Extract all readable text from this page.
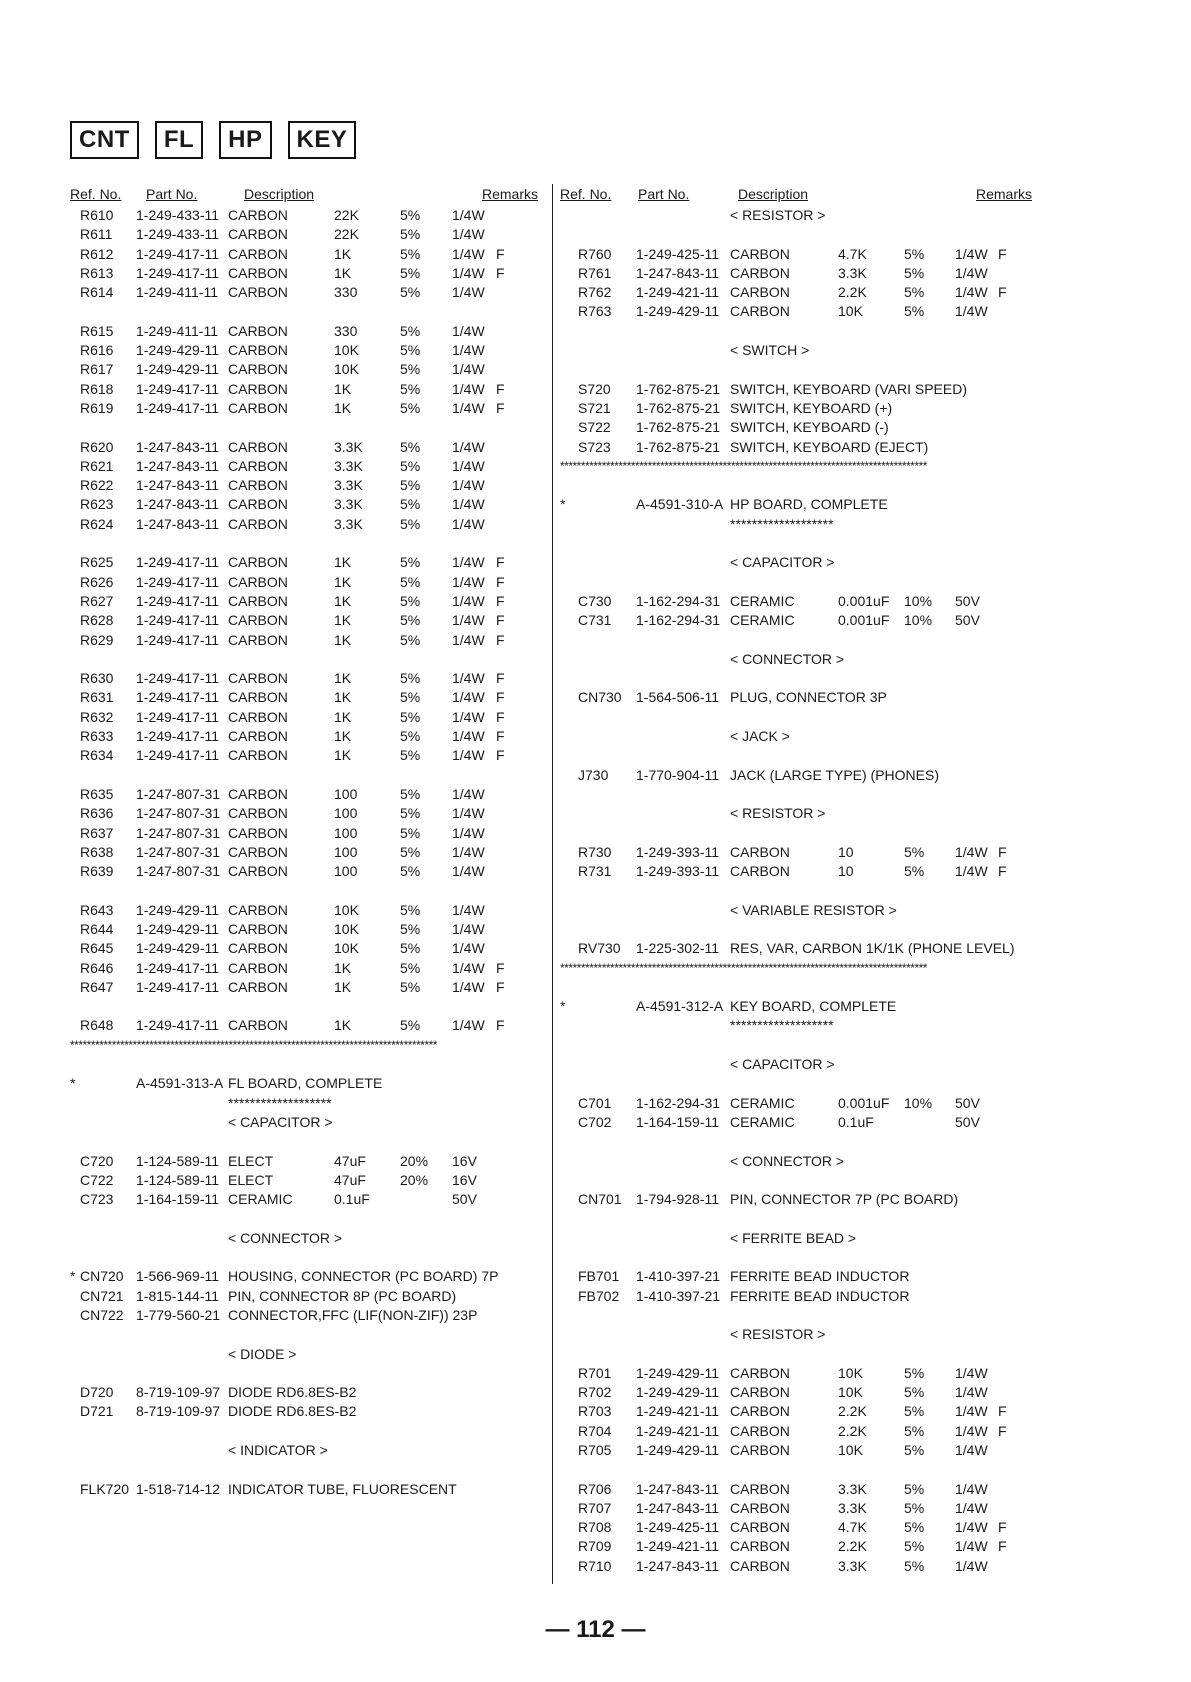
CNT	FL	HP	KEY
Ref. No. Part No.	Description	Remarks
R610 1-249-433-11 CARBON	22K	5% 1/4W
R611 1-249-433-11 CARBON	22K	5% 1/4W
R612 1-249-417-11 CARBON	1K	5% 1/4W F
R613 1-249-417-11 CARBON	1K	5% 1/4W F
R614 1-249-411-11 CARBON	330	5% 1/4W
R615 1-249-411-11 CARBON	330	5% 1/4W
R616 1-249-429-11 CARBON	10K	5% 1/4W
R617 1-249-429-11 CARBON	10K	5% 1/4W
R618 1-249-417-11 CARBON	1K	5% 1/4W F
R619 1-249-417-11 CARBON	1K	5% 1/4W F
R620 1-247-843-11 CARBON	3.3K	5% 1/4W
R621 1-247-843-11 CARBON	3.3K	5% 1/4W
R622 1-247-843-11 CARBON	3.3K	5% 1/4W
R623 1-247-843-11 CARBON	3.3K	5% 1/4W
R624 1-247-843-11 CARBON	3.3K	5% 1/4W
R625 1-249-417-11 CARBON	1K	5% 1/4W F
R626 1-249-417-11 CARBON	1K	5% 1/4W F
R627 1-249-417-11 CARBON	1K	5% 1/4W F
R628 1-249-417-11 CARBON	1K	5% 1/4W F
R629 1-249-417-11 CARBON	1K	5% 1/4W F
R630 1-249-417-11 CARBON	1K	5% 1/4W F
R631 1-249-417-11 CARBON	1K	5% 1/4W F
R632 1-249-417-11 CARBON	1K	5% 1/4W F
R633 1-249-417-11 CARBON	1K	5% 1/4W F
R634 1-249-417-11 CARBON	1K	5% 1/4W F
R635 1-247-807-31 CARBON	100	5% 1/4W
R636 1-247-807-31 CARBON	100	5% 1/4W
R637 1-247-807-31 CARBON	100	5% 1/4W
R638 1-247-807-31 CARBON	100	5% 1/4W
R639 1-247-807-31 CARBON	100	5% 1/4W
R643 1-249-429-11 CARBON	10K	5% 1/4W
R644 1-249-429-11 CARBON	10K	5% 1/4W
R645 1-249-429-11 CARBON	10K	5% 1/4W
R646 1-249-417-11 CARBON	1K	5% 1/4W F
R647 1-249-417-11 CARBON	1K	5% 1/4W F
R648 1-249-417-11 CARBON	1K	5% 1/4W F
****************************************************************************************
*	A-4591-313-A FL BOARD, COMPLETE
*******************
< CAPACITOR >
C720 1-124-589-11 ELECT	47uF 20% 16V
C722 1-124-589-11 ELECT	47uF 20% 16V
C723 1-164-159-11 CERAMIC	0.1uF	50V
< CONNECTOR >
* CN720 1-566-969-11 HOUSING, CONNECTOR (PC BOARD) 7P
CN721 1-815-144-11 PIN, CONNECTOR 8P (PC BOARD)
CN722 1-779-560-21 CONNECTOR,FFC (LIF(NON-ZIF)) 23P
< DIODE >
D720 8-719-109-97 DIODE RD6.8ES-B2
D721 8-719-109-97 DIODE RD6.8ES-B2
< INDICATOR >
FLK720 1-518-714-12 INDICATOR TUBE, FLUORESCENT
Ref. No. Part No.	Description	Remarks
< RESISTOR >
R760 1-249-425-11 CARBON	4.7K	5% 1/4W F
R761 1-247-843-11 CARBON	3.3K	5% 1/4W
R762 1-249-421-11 CARBON	2.2K	5% 1/4W F
R763 1-249-429-11 CARBON	10K	5% 1/4W
< SWITCH >
S720 1-762-875-21 SWITCH, KEYBOARD (VARI SPEED)
S721 1-762-875-21 SWITCH, KEYBOARD (+)
S722 1-762-875-21 SWITCH, KEYBOARD (-)
S723 1-762-875-21 SWITCH, KEYBOARD (EJECT)
****************************************************************************************
*	A-4591-310-A HP BOARD, COMPLETE
*******************
< CAPACITOR >
C730 1-162-294-31 CERAMIC	0.001uF 10% 50V
C731 1-162-294-31 CERAMIC	0.001uF 10% 50V
< CONNECTOR >
CN730 1-564-506-11 PLUG, CONNECTOR 3P
< JACK >
J730 1-770-904-11 JACK (LARGE TYPE) (PHONES)
< RESISTOR >
R730 1-249-393-11 CARBON	10	5% 1/4W F
R731 1-249-393-11 CARBON	10	5% 1/4W F
< VARIABLE RESISTOR >
RV730 1-225-302-11 RES, VAR, CARBON 1K/1K (PHONE LEVEL)
****************************************************************************************
*	A-4591-312-A KEY BOARD, COMPLETE
*******************
< CAPACITOR >
C701 1-162-294-31 CERAMIC	0.001uF 10% 50V
C702 1-164-159-11 CERAMIC	0.1uF	50V
< CONNECTOR >
CN701 1-794-928-11 PIN, CONNECTOR 7P (PC BOARD)
< FERRITE BEAD >
FB701 1-410-397-21 FERRITE BEAD INDUCTOR
FB702 1-410-397-21 FERRITE BEAD INDUCTOR
< RESISTOR >
R701 1-249-429-11 CARBON	10K	5% 1/4W
R702 1-249-429-11 CARBON	10K	5% 1/4W
R703 1-249-421-11 CARBON	2.2K	5% 1/4W F
R704 1-249-421-11 CARBON	2.2K	5% 1/4W F
R705 1-249-429-11 CARBON	10K	5% 1/4W
R706 1-247-843-11 CARBON	3.3K	5% 1/4W
R707 1-247-843-11 CARBON	3.3K	5% 1/4W
R708 1-249-425-11 CARBON	4.7K	5% 1/4W F
R709 1-249-421-11 CARBON	2.2K	5% 1/4W F
R710 1-247-843-11 CARBON	3.3K	5% 1/4W
— 112 —
